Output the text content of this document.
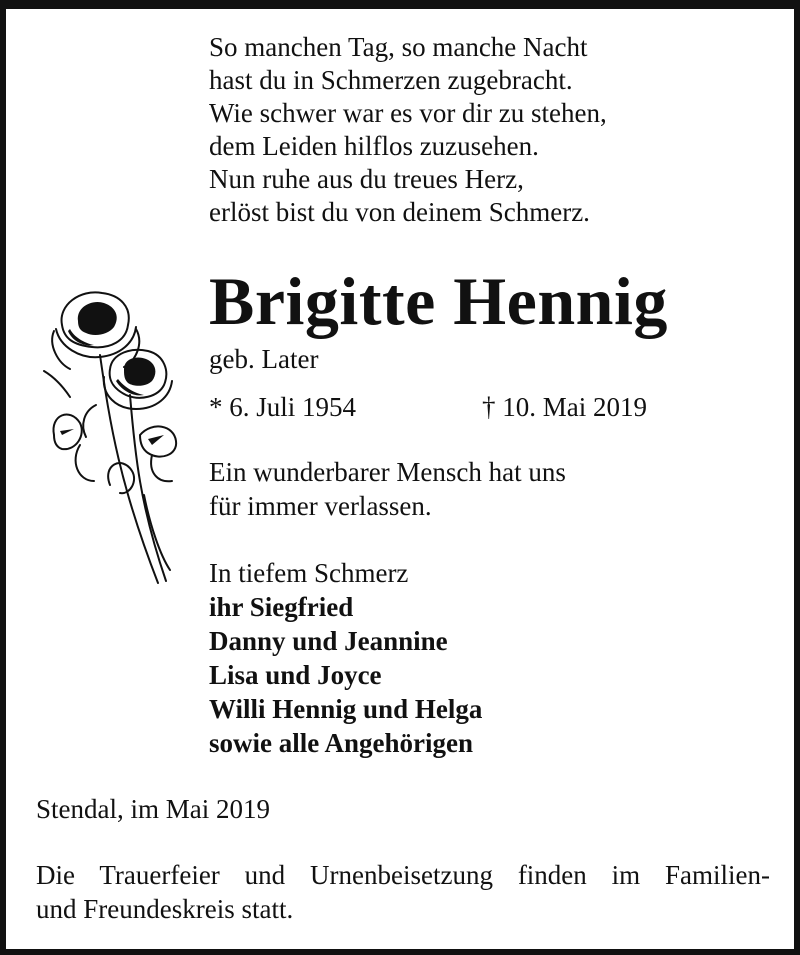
So manchen Tag, so manche Nacht
hast du in Schmerzen zugebracht.
Wie schwer war es vor dir zu stehen,
dem Leiden hilflos zuzusehen.
Nun ruhe aus du treues Herz,
erlöst bist du von deinem Schmerz.
Brigitte Hennig
geb. Later
* 6. Juli 1954	† 10. Mai 2019
Ein wunderbarer Mensch hat uns
für immer verlassen.
In tiefem Schmerz
ihr Siegfried
Danny und Jeannine
Lisa und Joyce
Willi Hennig und Helga
sowie alle Angehörigen
Stendal, im Mai 2019
Die Trauerfeier und Urnenbeisetzung finden im Familien-
und Freundeskreis statt.
